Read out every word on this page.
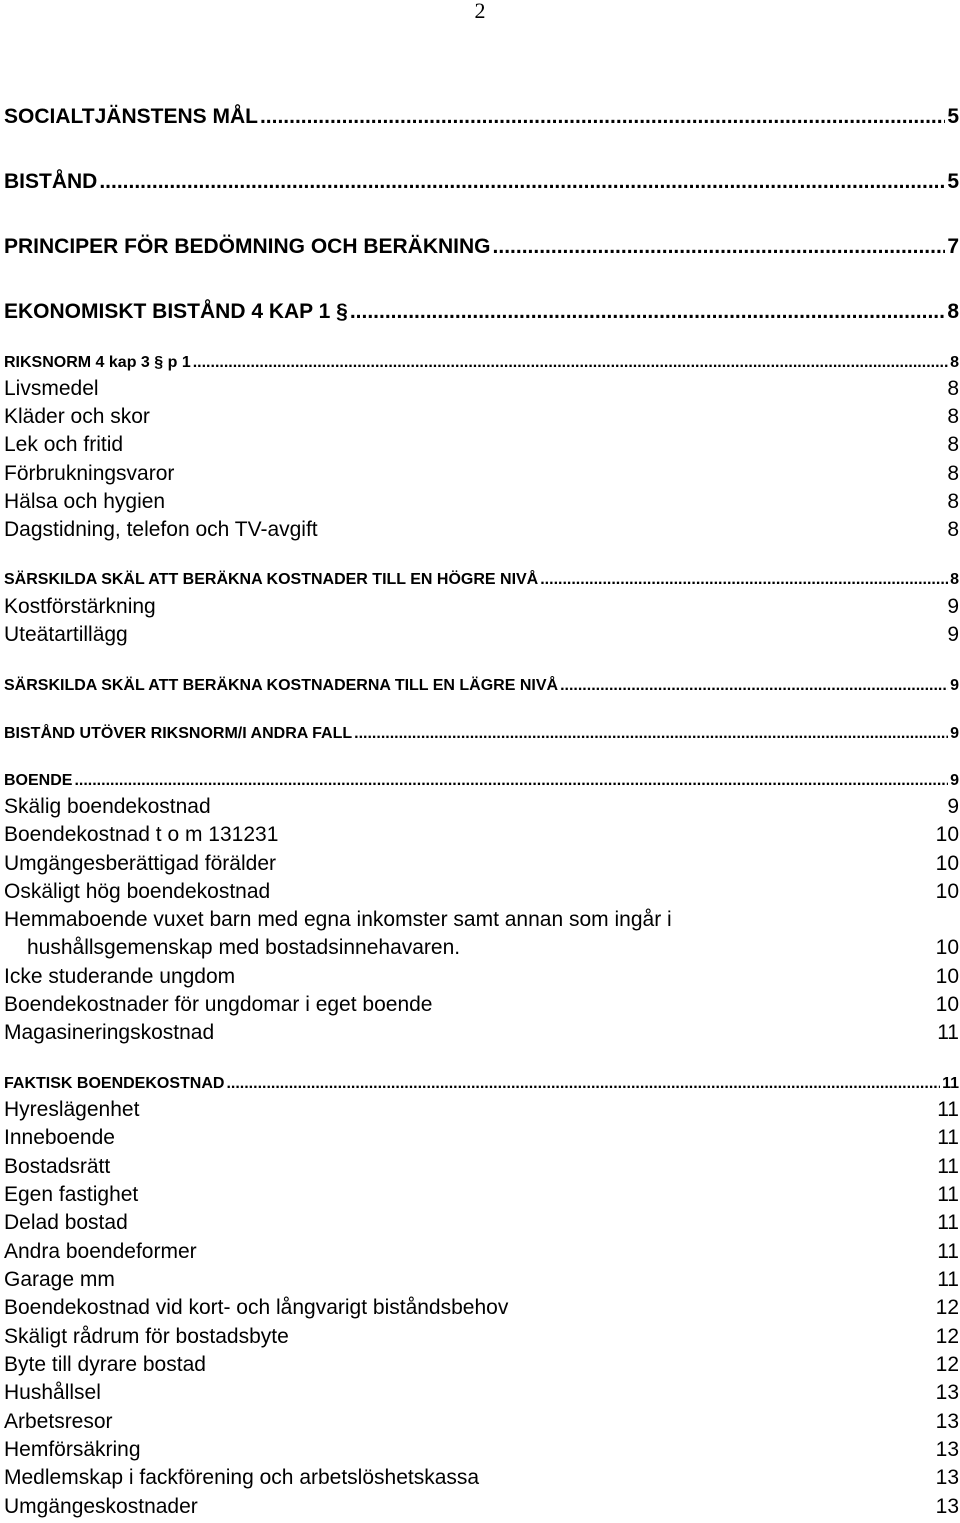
2
SOCIALTJÄNSTENS MÅL .....	5
BISTÅND .....	5
PRINCIPER FÖR BEDÖMNING OCH BERÄKNING .....	7
EKONOMISKT BISTÅND 4 KAP 1 § .....	8
RIKSNORM 4 kap 3 § p 1 .....	8
Livsmedel	8
Kläder och skor	8
Lek och fritid	8
Förbrukningsvaror	8
Hälsa och hygien	8
Dagstidning, telefon och TV-avgift	8
SÄRSKILDA SKÄL ATT BERÄKNA KOSTNADER TILL EN HÖGRE NIVÅ .....	8
Kostförstärkning	9
Uteätartillägg	9
SÄRSKILDA SKÄL ATT BERÄKNA KOSTNADERNA TILL EN LÄGRE NIVÅ .....	9
BISTÅND UTÖVER RIKSNORM/I ANDRA FALL .....	9
BOENDE .....	9
Skälig boendekostnad	9
Boendekostnad t o m 131231	10
Umgängesberättigad förälder	10
Oskäligt hög boendekostnad	10
Hemmaboende vuxet barn med egna inkomster samt annan som ingår i
hushållsgemenskap med bostadsinnehavaren.	10
Icke studerande ungdom	10
Boendekostnader för ungdomar i eget boende	10
Magasineringskostnad	11
FAKTISK BOENDEKOSTNAD .....	11
Hyreslägenhet	11
Inneboende	11
Bostadsrätt	11
Egen fastighet	11
Delad bostad	11
Andra boendeformer	11
Garage mm	11
Boendekostnad vid kort- och långvarigt biståndsbehov	12
Skäligt rådrum för bostadsbyte	12
Byte till dyrare bostad	12
Hushållsel	13
Arbetsresor	13
Hemförsäkring	13
Medlemskap i fackförening och arbetslöshetskassa	13
Umgängeskostnader	13
